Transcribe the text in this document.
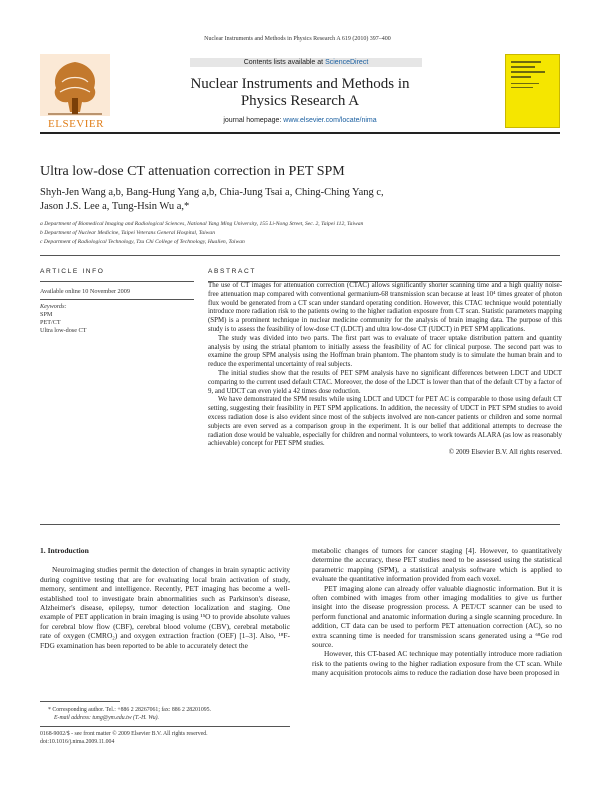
Nuclear Instruments and Methods in Physics Research A 619 (2010) 397–400
Contents lists available at ScienceDirect
ELSEVIER
Nuclear Instruments and Methods in
Physics Research A
journal homepage: www.elsevier.com/locate/nima
Ultra low-dose CT attenuation correction in PET SPM
Shyh-Jen Wang a,b, Bang-Hung Yang a,b, Chia-Jung Tsai a, Ching-Ching Yang c,
Jason J.S. Lee a, Tung-Hsin Wu a,*
a Department of Biomedical Imaging and Radiological Sciences, National Yang Ming University, 155 Li-Nong Street, Sec. 2, Taipei 112, Taiwan
b Department of Nuclear Medicine, Taipei Veterans General Hospital, Taiwan
c Department of Radiological Technology, Tzu Chi College of Technology, Hualien, Taiwan
ARTICLE INFO
Available online 10 November 2009
Keywords:
SPM
PET/CT
Ultra low-dose CT
ABSTRACT

The use of CT images for attenuation correction (CTAC) allows significantly shorter scanning time and a high quality noise-free attenuation map compared with conventional germanium-68 transmission scan because at least 10⁴ times greater of photon flux would be generated from a CT scan under standard operating condition. However, this CTAC technique would potentially introduce more radiation risk to the patients owing to the higher radiation exposure from CT scan. Statistic parameters mapping (SPM) is a prominent technique in nuclear medicine community for the analysis of brain imaging data. The purpose of this study is to assess the feasibility of low-dose CT (LDCT) and ultra low-dose CT (UDCT) in PET SPM applications.

The study was divided into two parts. The first part was to evaluate of tracer uptake distribution pattern and quantity analysis by using the striatal phantom to initially assess the feasibility of AC for clinical purpose. The second part was to examine the group SPM analysis using the Hoffman brain phantom. The phantom study is to simulate the human brain and to reduce the experimental uncertainty of real subjects.

The initial studies show that the results of PET SPM analysis have no significant differences between LDCT and UDCT comparing to the current used default CTAC. Moreover, the dose of the LDCT is lower than that of the default CT by a factor of 9, and UDCT can even yield a 42 times dose reduction.

We have demonstrated the SPM results while using LDCT and UDCT for PET AC is comparable to those using default CT setting, suggesting their feasibility in PET SPM applications. In addition, the necessity of UDCT in PET SPM studies to avoid excess radiation dose is also evident since most of the subjects involved are non-cancer patients or children and some normal subjects are even served as a comparison group in the experiment. It is our belief that additional attempts to decrease the radiation dose would be valuable, especially for children and normal volunteers, to work towards ALARA (as low as reasonably achievable) concept for PET SPM studies.

© 2009 Elsevier B.V. All rights reserved.
1. Introduction

Neuroimaging studies permit the detection of changes in brain synaptic activity during cognitive testing that are for evaluating local brain activation of study, memory, sentiment and intelligence. Recently, PET imaging has become a well-established tool to investigate brain abnormalities such as Parkinson's disease, Alzheimer's disease, epilepsy, tumor detection localization and staging. One example of PET application in brain imaging is using ¹⁵O to provide absolute values for cerebral blow flow (CBF), cerebral blood volume (CBV), cerebral metabolic rate of oxygen (CMRO₂) and oxygen extraction fraction (OEF) [1–3]. Also, ¹⁸F-FDG examination has been reported to be able to accurately detect the

metabolic changes of tumors for cancer staging [4]. However, to quantitatively determine the accuracy, these PET studies need to be assessed using the statistical parametric mapping (SPM), a statistical analysis software which is applied to evaluate the quantitative information provided from each voxel.

PET imaging alone can already offer valuable diagnostic information. But it is often combined with images from other imaging modalities to give us further insight into the disease progression process. A PET/CT scanner can be used to perform functional and anatomic information during a single scanning procedure. In addition, CT data can be used to perform PET attenuation correction (AC), so no extra scanning time is needed for transmission scans generated using a ⁶⁸Ge rod source.

However, this CT-based AC technique may potentially introduce more radiation risk to the patients owing to the higher radiation exposure from the CT scan. While many acquisition protocols aims to reduce the radiation dose have been proposed in

* Corresponding author. Tel.: +886 2 28267061; fax: 886 2 28201095.
E-mail address: tung@ym.edu.tw (T.-H. Wu).
0168-9002/$ - see front matter © 2009 Elsevier B.V. All rights reserved.
doi:10.1016/j.nima.2009.11.004
